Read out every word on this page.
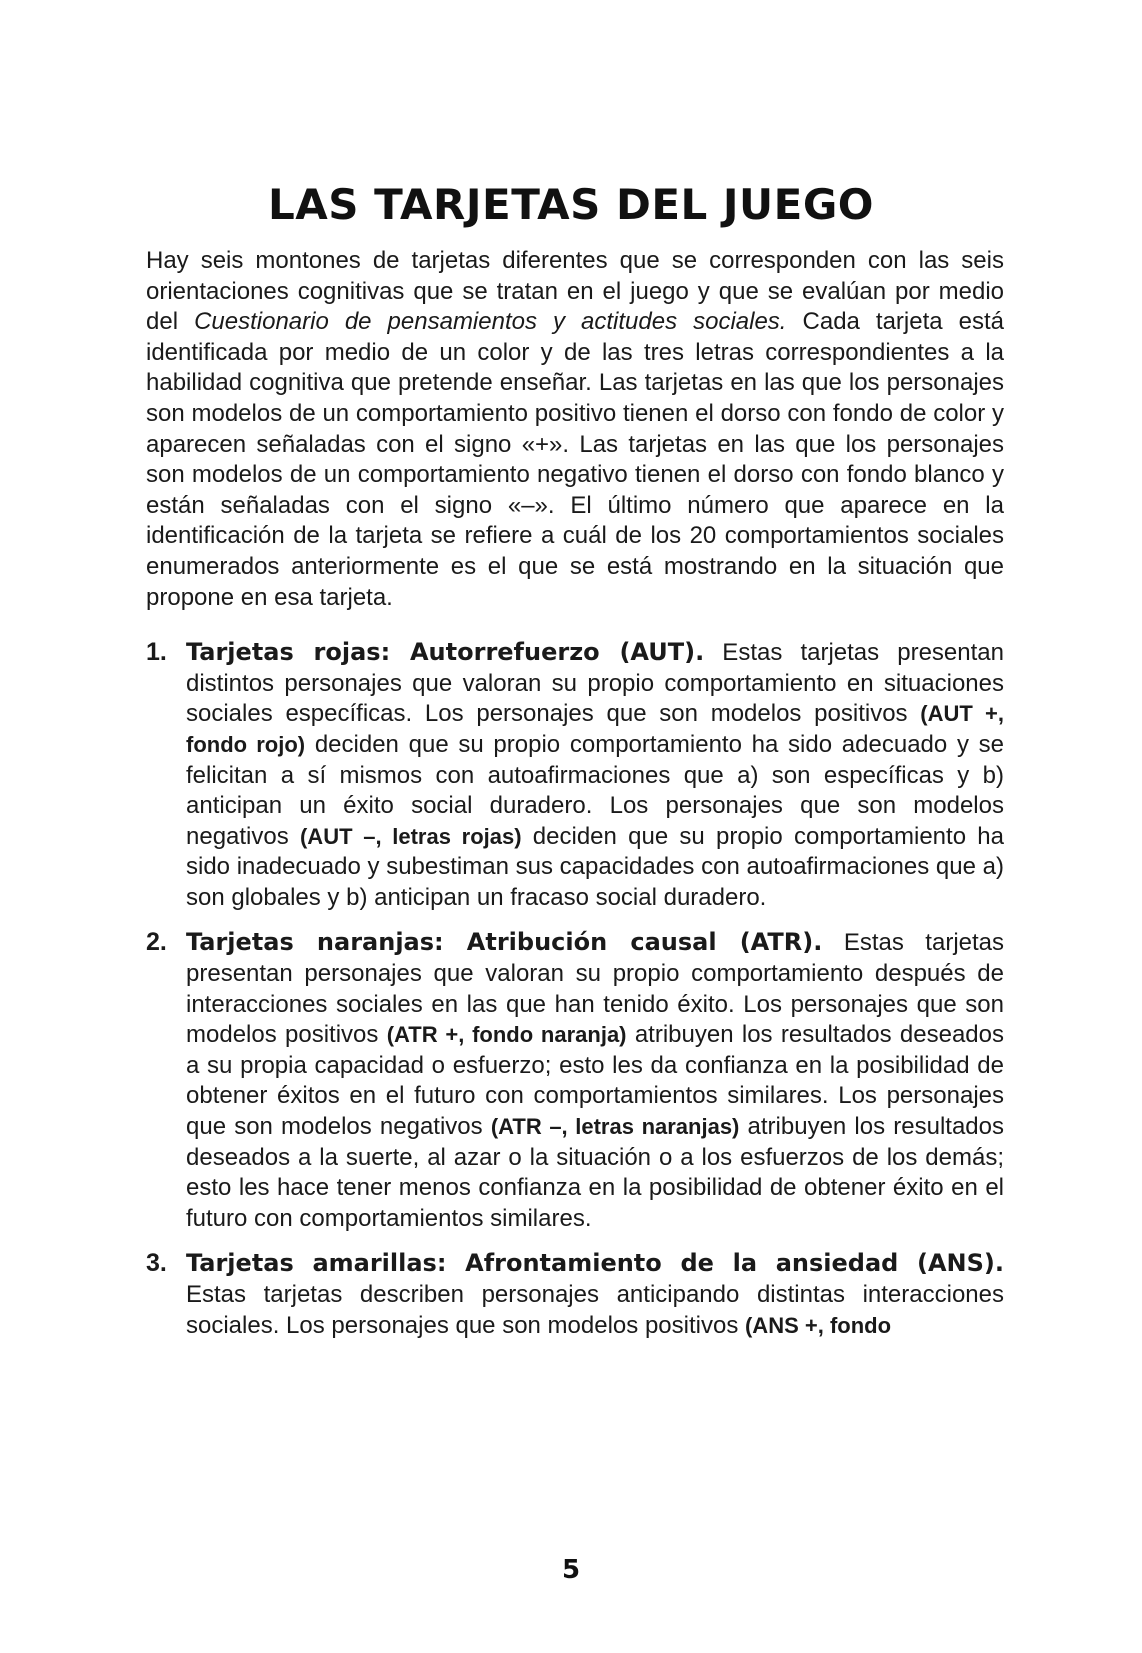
LAS TARJETAS DEL JUEGO

Hay seis montones de tarjetas diferentes que se corresponden con las seis orientaciones cognitivas que se tratan en el juego y que se evalúan por medio del Cuestionario de pensamientos y actitudes sociales. Cada tarjeta está identificada por medio de un color y de las tres letras correspondientes a la habilidad cognitiva que pretende enseñar. Las tarjetas en las que los personajes son modelos de un comportamiento positivo tienen el dorso con fondo de color y aparecen señaladas con el signo «+». Las tarjetas en las que los personajes son modelos de un comportamiento negativo tienen el dorso con fondo blanco y están señaladas con el signo «–». El último número que aparece en la identificación de la tarjeta se refiere a cuál de los 20 comportamientos sociales enumerados anteriormente es el que se está mostrando en la situación que propone en esa tarjeta.

1. Tarjetas rojas: Autorrefuerzo (AUT). Estas tarjetas presentan distintos personajes que valoran su propio comportamiento en situaciones sociales específicas. Los personajes que son modelos positivos (AUT +, fondo rojo) deciden que su propio comportamiento ha sido adecuado y se felicitan a sí mismos con autoafirmaciones que a) son específicas y b) anticipan un éxito social duradero. Los personajes que son modelos negativos (AUT –, letras rojas) deciden que su propio comportamiento ha sido inadecuado y subestiman sus capacidades con autoafirmaciones que a) son globales y b) anticipan un fracaso social duradero.
2. Tarjetas naranjas: Atribución causal (ATR). Estas tarjetas presentan personajes que valoran su propio comportamiento después de interacciones sociales en las que han tenido éxito. Los personajes que son modelos positivos (ATR +, fondo naranja) atribuyen los resultados deseados a su propia capacidad o esfuerzo; esto les da confianza en la posibilidad de obtener éxitos en el futuro con comportamientos similares. Los personajes que son modelos negativos (ATR –, letras naranjas) atribuyen los resultados deseados a la suerte, al azar o la situación o a los esfuerzos de los demás; esto les hace tener menos confianza en la posibilidad de obtener éxito en el futuro con comportamientos similares.
3. Tarjetas amarillas: Afrontamiento de la ansiedad (ANS). Estas tarjetas describen personajes anticipando distintas interacciones sociales. Los personajes que son modelos positivos (ANS +, fondo
5
